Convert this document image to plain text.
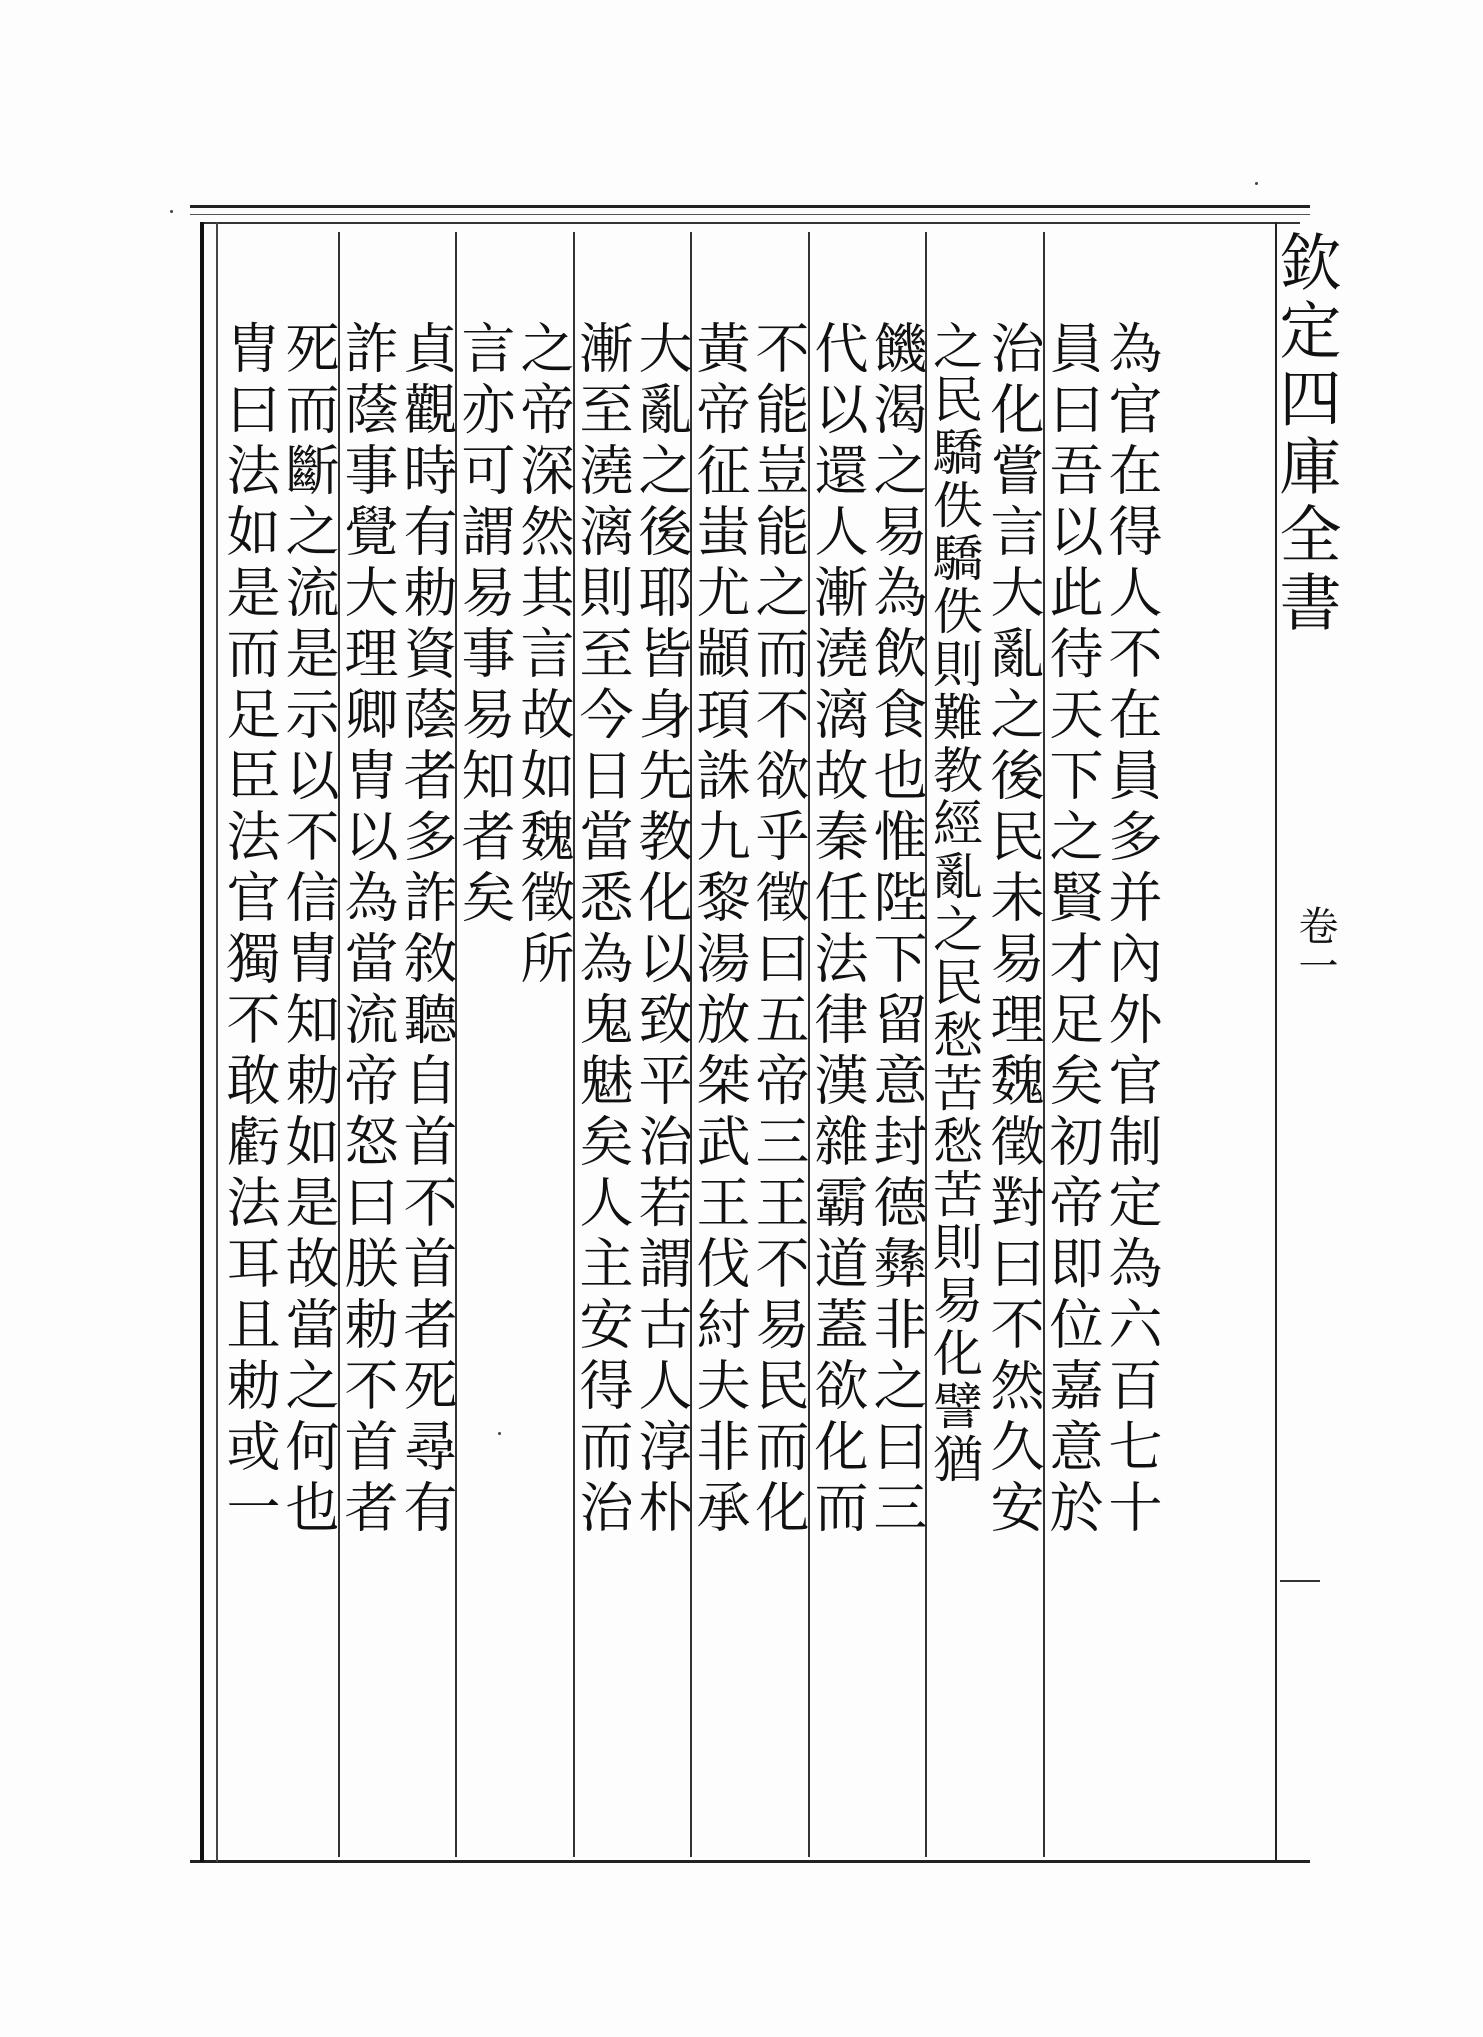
欽定四庫全書
卷一
為官在得人不在員多并內外官制定為六百七十
員曰吾以此待天下之賢才足矣初帝即位嘉意於
治化嘗言大亂之後民未易理魏徵對曰不然久安
之民驕佚驕佚則難教經亂之民愁苦愁苦則易化譬猶
饑渴之易為飲食也惟陛下留意封德彝非之曰三
代以還人漸澆漓故秦任法律漢雜霸道蓋欲化而
不能豈能之而不欲乎徵曰五帝三王不易民而化
黃帝征蚩尤顓頊誅九黎湯放桀武王伐紂夫非承
大亂之後耶皆身先教化以致平治若謂古人淳朴
漸至澆漓則至今日當悉為鬼魅矣人主安得而治
之帝深然其言故如魏徵所
言亦可謂易事易知者矣
貞觀時有勅資蔭者多詐敘聽自首不首者死尋有
詐蔭事覺大理卿胄以為當流帝怒曰朕勅不首者
死而斷之流是示以不信胄知勅如是故當之何也
胄曰法如是而足臣法官獨不敢虧法耳且勅或一
